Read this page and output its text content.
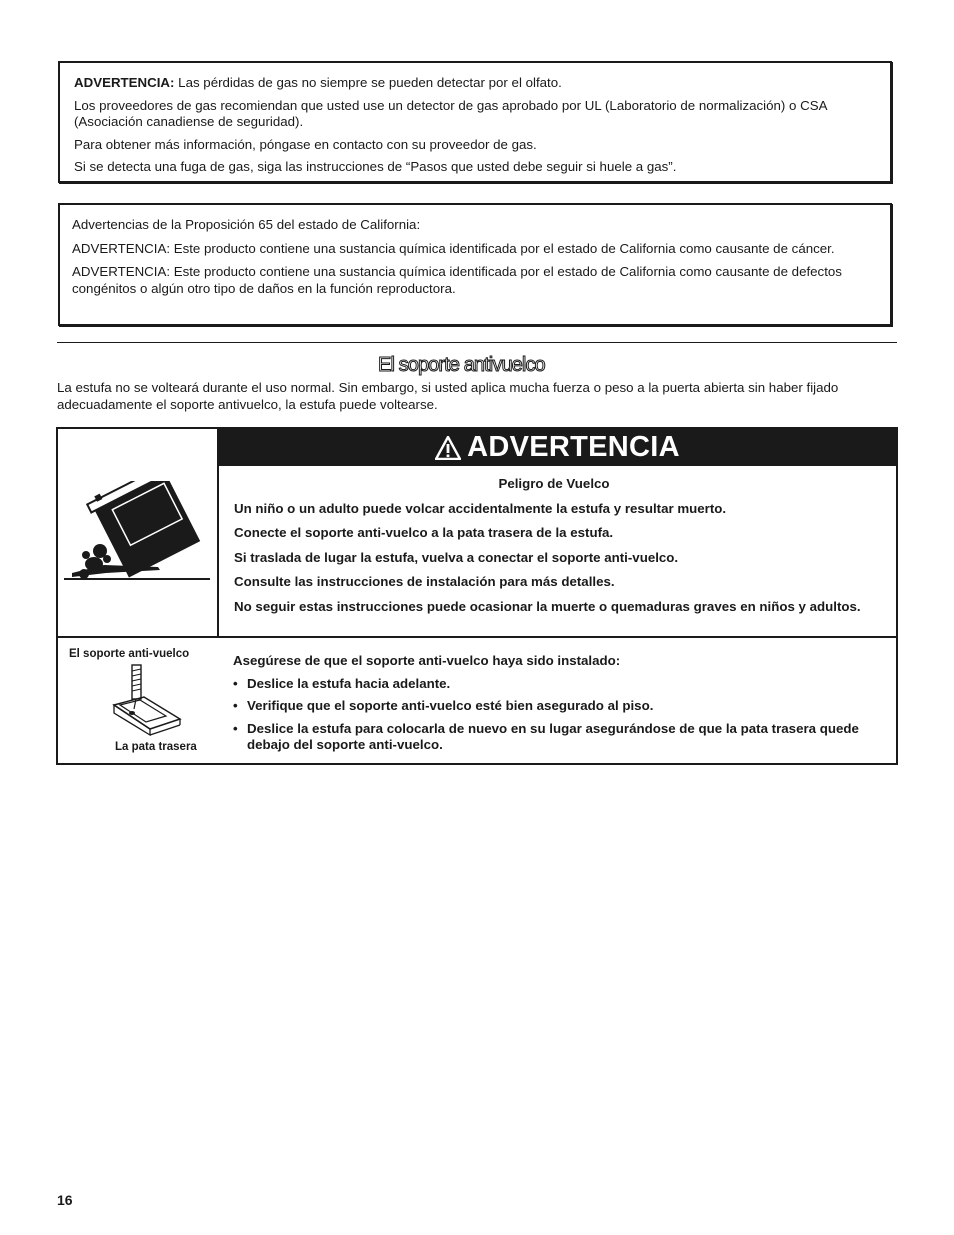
ADVERTENCIA: Las pérdidas de gas no siempre se pueden detectar por el olfato.

Los proveedores de gas recomiendan que usted use un detector de gas aprobado por UL (Laboratorio de normalización) o CSA (Asociación canadiense de seguridad).

Para obtener más información, póngase en contacto con su proveedor de gas.

Si se detecta una fuga de gas, siga las instrucciones de “Pasos que usted debe seguir si huele a gas”.

Advertencias de la Proposición 65 del estado de California:

ADVERTENCIA: Este producto contiene una sustancia química identificada por el estado de California como causante de cáncer.

ADVERTENCIA: Este producto contiene una sustancia química identificada por el estado de California como causante de defectos congénitos o algún otro tipo de daños en la función reproductora.

El soporte antivuelco

La estufa no se volteará durante el uso normal. Sin embargo, si usted aplica mucha fuerza o peso a la puerta abierta sin haber fijado adecuadamente el soporte antivuelco, la estufa puede voltearse.

ADVERTENCIA

Peligro de Vuelco

Un niño o un adulto puede volcar accidentalmente la estufa y resultar muerto.

Conecte el soporte anti-vuelco a la pata trasera de la estufa.

Si traslada de lugar la estufa, vuelva a conectar el soporte anti-vuelco.

Consulte las instrucciones de instalación para más detalles.

No seguir estas instrucciones puede ocasionar la muerte o quemaduras graves en niños y adultos.

El soporte anti-vuelco
La pata trasera

Asegúrese de que el soporte anti-vuelco haya sido instalado:

• Deslice la estufa hacia adelante.
• Verifique que el soporte anti-vuelco esté bien asegurado al piso.
• Deslice la estufa para colocarla de nuevo en su lugar asegurándose de que la pata trasera quede debajo del soporte anti-vuelco.
16
